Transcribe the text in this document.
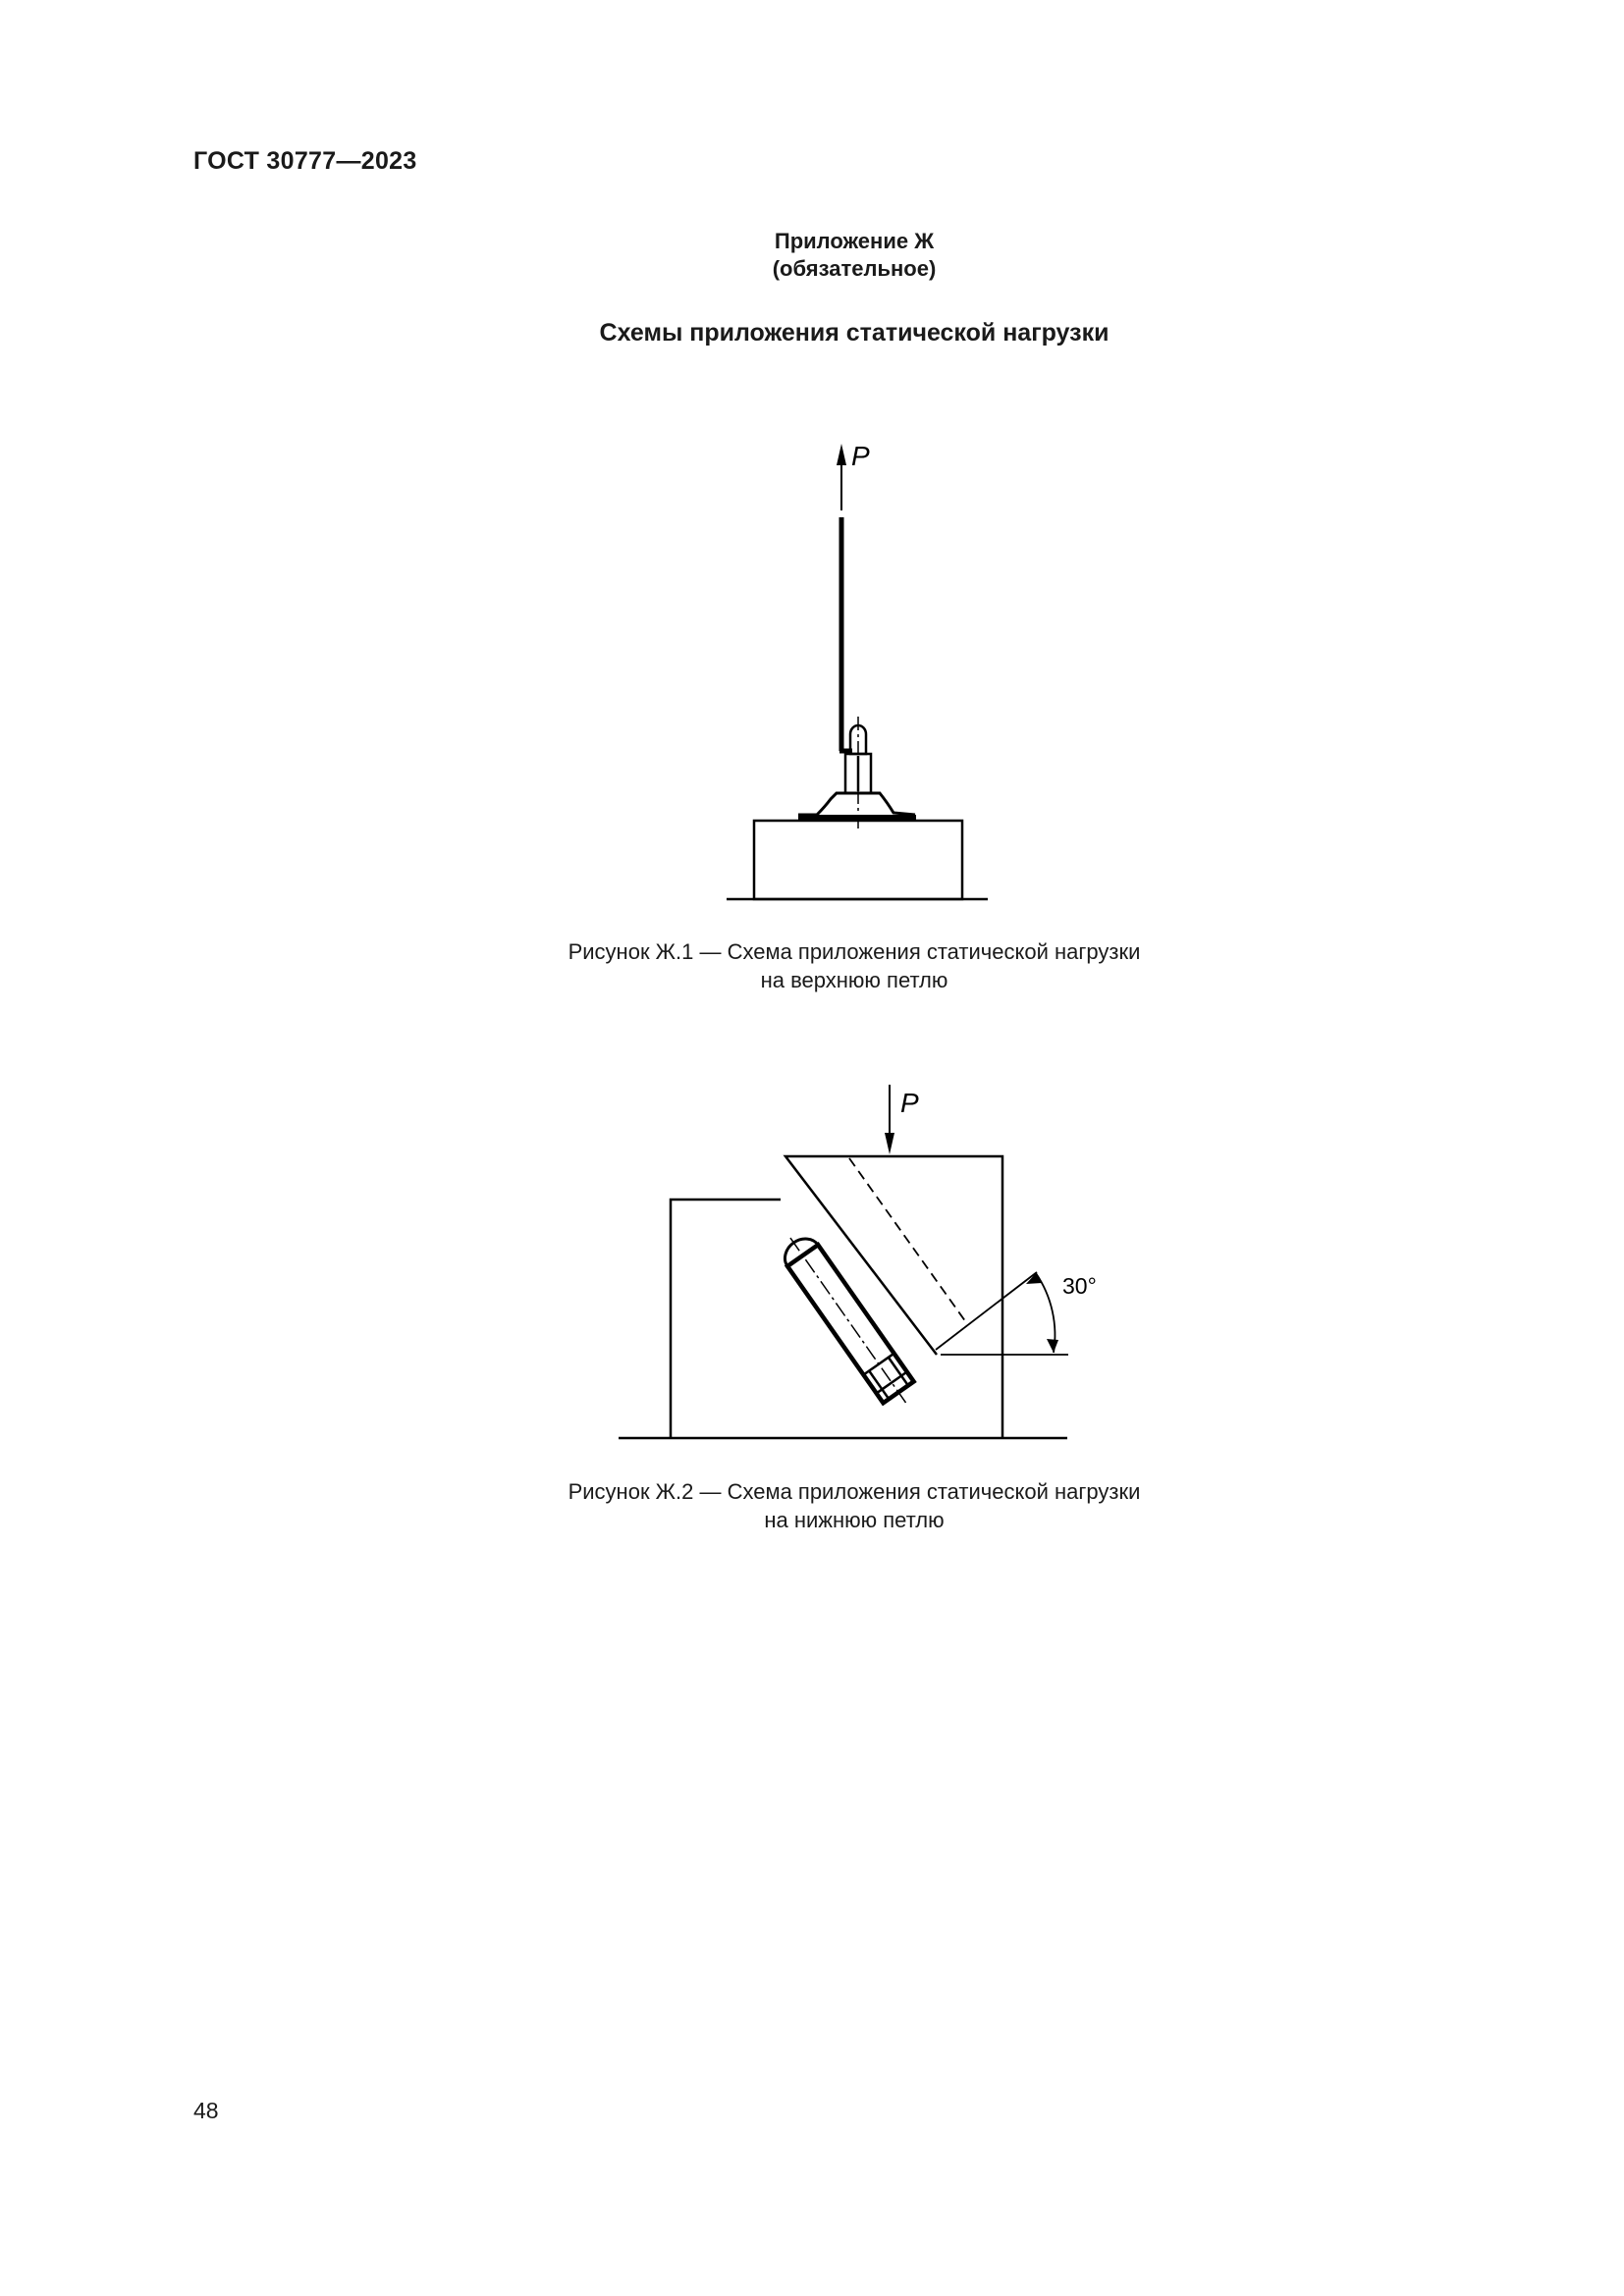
ГОСТ 30777—2023
Приложение Ж
(обязательное)
Схемы приложения статической нагрузки
P
Рисунок Ж.1 — Схема приложения статической нагрузки
на верхнюю петлю
P
30°
Рисунок Ж.2 — Схема приложения статической нагрузки
на нижнюю петлю
48
